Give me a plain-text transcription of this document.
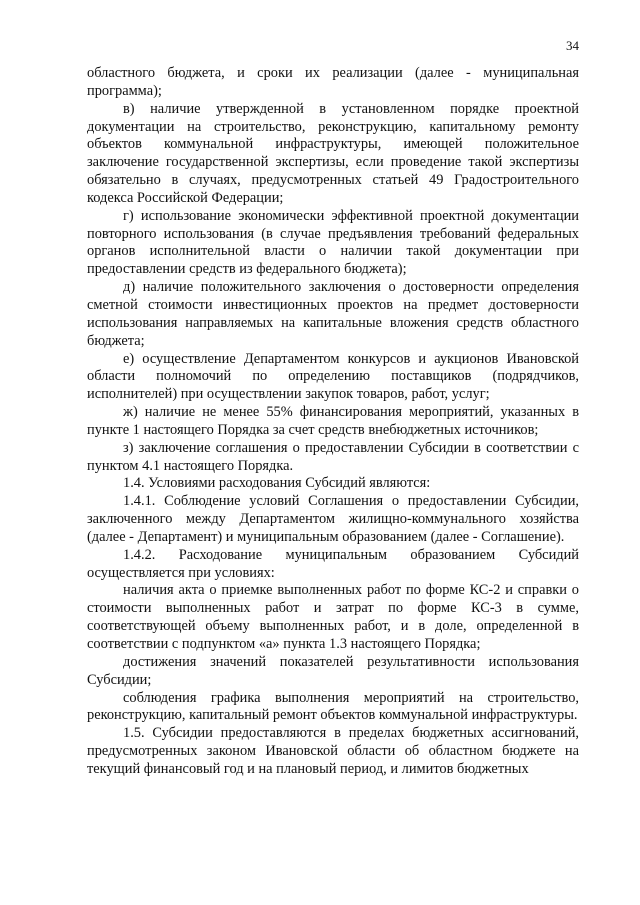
34

областного бюджета, и сроки их реализации (далее - муниципальная программа);

в) наличие утвержденной в установленном порядке проектной документации на строительство, реконструкцию, капитальному ремонту объектов коммунальной инфраструктуры, имеющей положительное заключение государственной экспертизы, если проведение такой экспертизы обязательно в случаях, предусмотренных статьей 49 Градостроительного кодекса Российской Федерации;

г) использование экономически эффективной проектной документации повторного использования (в случае предъявления требований федеральных органов исполнительной власти о наличии такой документации при предоставлении средств из федерального бюджета);

д) наличие положительного заключения о достоверности определения сметной стоимости инвестиционных проектов на предмет достоверности использования направляемых на капитальные вложения средств областного бюджета;

е) осуществление Департаментом конкурсов и аукционов Ивановской области полномочий по определению поставщиков (подрядчиков, исполнителей) при осуществлении закупок товаров, работ, услуг;

ж) наличие не менее 55% финансирования мероприятий, указанных в пункте 1 настоящего Порядка за счет средств внебюджетных источников;

з) заключение соглашения о предоставлении Субсидии в соответствии с пунктом 4.1 настоящего Порядка.

1.4. Условиями расходования Субсидий являются:

1.4.1. Соблюдение условий Соглашения о предоставлении Субсидии, заключенного между Департаментом жилищно-коммунального хозяйства (далее - Департамент) и муниципальным образованием (далее - Соглашение).

1.4.2. Расходование муниципальным образованием Субсидий осуществляется при условиях:

наличия акта о приемке выполненных работ по форме КС-2 и справки о стоимости выполненных работ и затрат по форме КС-3 в сумме, соответствующей объему выполненных работ, и в доле, определенной в соответствии с подпунктом «а» пункта 1.3 настоящего Порядка;

достижения значений показателей результативности использования Субсидии;

соблюдения графика выполнения мероприятий на строительство, реконструкцию, капитальный ремонт объектов коммунальной инфраструктуры.

1.5. Субсидии предоставляются в пределах бюджетных ассигнований, предусмотренных законом Ивановской области об областном бюджете на текущий финансовый год и на плановый период, и лимитов бюджетных
